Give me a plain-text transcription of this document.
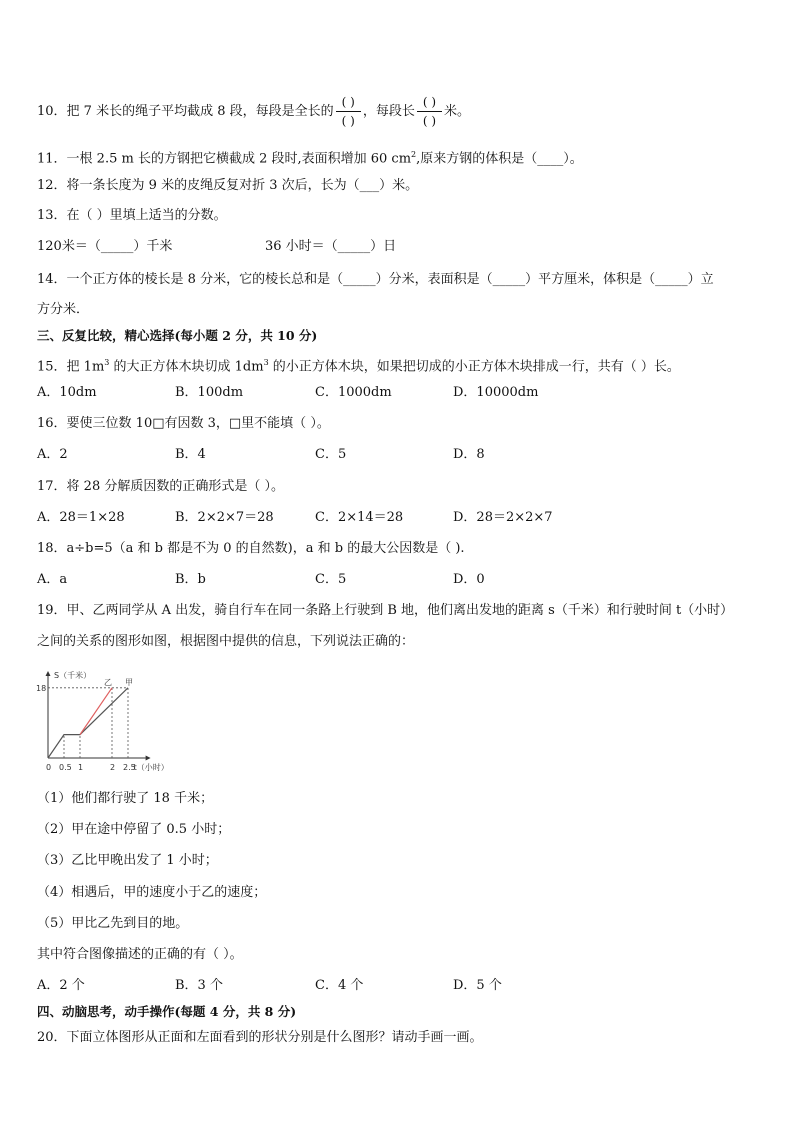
10．把 7 米长的绳子平均截成 8 段，每段是全长的 $\frac{( )}{( )}$ ，每段长 $\frac{( )}{( )}$ 米。
11．一根 2.5 m 长的方钢把它横截成 2 段时,表面积增加 60 $cm^2$,原来方钢的体积是（____）。
12．将一条长度为 9 米的皮绳反复对折 3 次后，长为（___）米。
13．在（ ）里填上适当的分数。
120米＝（_____）千米	36 小时＝（_____）日
14．一个正方体的棱长是 8 分米，它的棱长总和是（_____）分米，表面积是（_____）平方厘米，体积是（_____）立
方分米．
三、反复比较，精心选择(每小题 2 分，共 10 分)
15．把 $1m^3$ 的大正方体木块切成 $1dm^3$ 的小正方体木块，如果把切成的小正方体木块排成一行，共有（ ）长。
A．10dm	B．100dm	C．1000dm	D．10000dm
16．要使三位数 10□有因数 3，□里不能填（ ）。
A．2	B．4	C．5	D．8
17．将 28 分解质因数的正确形式是（ ）。
A．28＝1×28	B．2×2×7＝28	C．2×14＝28	D．28＝2×2×7
18．a÷b=5（a 和 b 都是不为 0 的自然数)，a 和 b 的最大公因数是（ ).
A．a	B．b	C．5	D．0
19．甲、乙两同学从 A 出发，骑自行车在同一条路上行驶到 B 地，他们离出发地的距离 s（千米）和行驶时间 t（小时）
之间的关系的图形如图，根据图中提供的信息，下列说法正确的：
S（千米）
t（小时）
18
0 0.5 1	2 2.5
甲
乙
（1）他们都行驶了 18 千米；
（2）甲在途中停留了 0.5 小时；
（3）乙比甲晚出发了 1 小时；
（4）相遇后，甲的速度小于乙的速度；
（5）甲比乙先到目的地。
其中符合图像描述的正确的有（ ）。
A．2 个	B．3 个	C．4 个	D．5 个
四、动脑思考，动手操作(每题 4 分，共 8 分)
20．下面立体图形从正面和左面看到的形状分别是什么图形？请动手画一画。
